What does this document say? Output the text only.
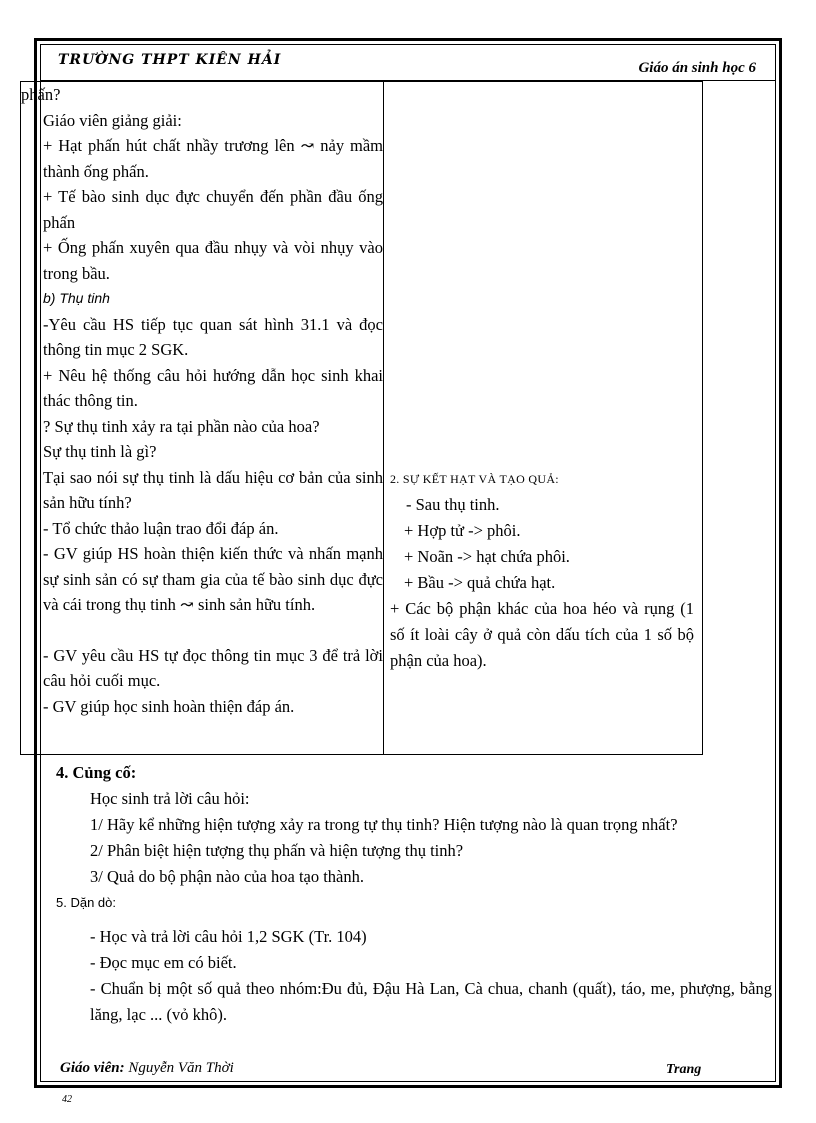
TRƯỜNG THPT KIÊN HẢI	Giáo án sinh học 6

phấn?

Giáo viên giảng giải:

+ Hạt phấn hút chất nhầy trương lên ↝ nảy mầm thành ống phấn.

+ Tế bào sinh dục đực chuyển đến phần đầu ống phấn

+ Ống phấn xuyên qua đầu nhụy và vòi nhụy vào trong bầu.

b) Thụ tinh

-Yêu cầu HS tiếp tục quan sát hình 31.1 và đọc thông tin mục 2 SGK.

+ Nêu hệ thống câu hỏi hướng dẫn học sinh khai thác thông tin.

? Sự thụ tinh xảy ra tại phần nào của hoa?

Sự thụ tinh là gì?

Tại sao nói sự thụ tinh là dấu hiệu cơ bản của sinh sản hữu tính?

- Tổ chức thảo luận trao đổi đáp án.

- GV giúp HS hoàn thiện kiến thức và nhấn mạnh sự sinh sản có sự tham gia của tế bào sinh dục đực và cái trong thụ tinh ↝ sinh sản hữu tính.

- GV yêu cầu HS tự đọc thông tin mục 3 để trả lời câu hỏi cuối mục.

- GV giúp học sinh hoàn thiện đáp án.

2. SỰ KẾT HẠT VÀ TẠO QUẢ:

- Sau thụ tinh.

+ Hợp tử -> phôi.

+ Noãn -> hạt chứa phôi.

+ Bầu -> quả chứa hạt.

+ Các bộ phận khác của hoa héo và rụng (1 số ít loài cây ở quả còn dấu tích của 1 số bộ phận của hoa).

4. Củng cố:

Học sinh trả lời câu hỏi:

1/ Hãy kể những hiện tượng xảy ra trong tự thụ tinh? Hiện tượng nào là quan trọng nhất?

2/ Phân biệt hiện tượng thụ phấn và hiện tượng thụ tinh?

3/ Quả do bộ phận nào của hoa tạo thành.

5. Dặn dò:

- Học và trả lời câu hỏi 1,2 SGK (Tr. 104)

- Đọc mục em có biết.

- Chuẩn bị một số quả theo nhóm:Đu đủ, Đậu Hà Lan, Cà chua, chanh (quất), táo, me, phượng, bằng lăng, lạc ... (vỏ khô).

Giáo viên: Nguyễn Văn Thời	Trang
42
